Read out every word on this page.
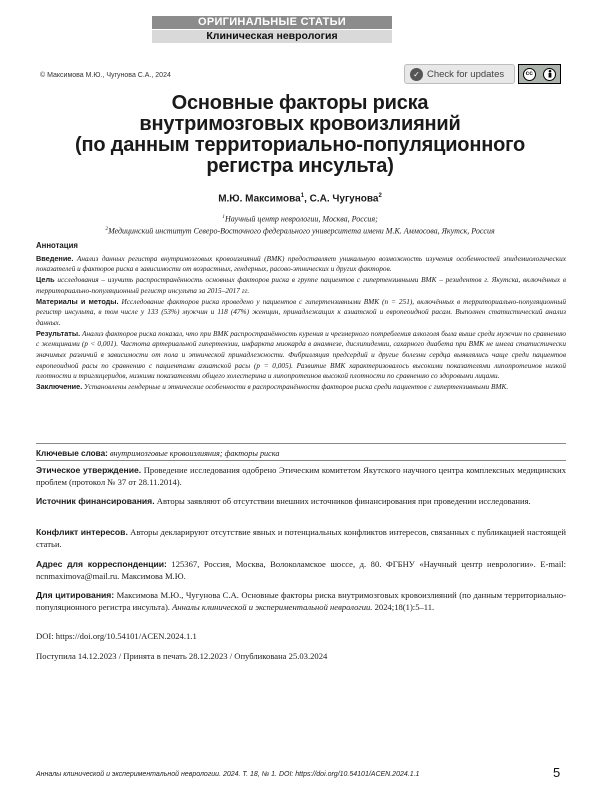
ОРИГИНАЛЬНЫЕ СТАТЬИ
Клиническая неврология
© Максимова М.Ю., Чугунова С.А., 2024	✓ Check for updates	cc
Основные факторы риска
внутримозговых кровоизлияний
(по данным территориально-популяционного
регистра инсульта)
М.Ю. Максимова$^1$, С.А. Чугунова$^2$
$^1$Научный центр неврологии, Москва, Россия;
$^2$Медицинский институт Северо-Восточного федерального университета имени М.К. Аммосова, Якутск, Россия

Аннотация

Введение. Анализ данных регистра внутримозговых кровоизлияний (ВМК) предоставляет уникальную возможность изучения особенностей эпидемиологических показателей и факторов риска в зависимости от возрастных, гендерных, расово-этнических и других факторов.

Цель исследования – изучить распространённость основных факторов риска в группе пациентов с гипертензивными ВМК – резидентов г. Якутска, включённых в территориально-популяционный регистр инсульта за 2015–2017 гг.

Материалы и методы. Исследование факторов риска проведено у пациентов с гипертензивными ВМК (n = 251), включённых в территориально-популяционный регистр инсульта, в том числе у 133 (53%) мужчин и 118 (47%) женщин, принадлежащих к азиатской и европеоидной расам. Выполнен статистический анализ данных.

Результаты. Анализ факторов риска показал, что при ВМК распространённость курения и чрезмерного потребления алкоголя была выше среди мужчин по сравнению с женщинами (p < 0,001). Частота артериальной гипертензии, инфаркта миокарда в анамнезе, дислипидемии, сахарного диабета при ВМК не имела статистически значимых различий в зависимости от пола и этнической принадлежности. Фибрилляция предсердий и другие болезни сердца выявлялись чаще среди пациентов европеоидной расы по сравнению с пациентами азиатской расы (p = 0,005). Развитие ВМК характеризовалось высокими показателями липопротеинов низкой плотности и триглицеридов, низкими показателями общего холестерина и липопротеинов высокой плотности по сравнению со здоровыми лицами.

Заключение. Установлены гендерные и этнические особенности в распространённости факторов риска среди пациентов с гипертензивными ВМК.

Ключевые слова: внутримозговые кровоизлияния; факторы риска
Этическое утверждение. Проведение исследования одобрено Этическим комитетом Якутского научного центра комплексных медицинских проблем (протокол № 37 от 28.11.2014).
Источник финансирования. Авторы заявляют об отсутствии внешних источников финансирования при проведении исследования.
Конфликт интересов. Авторы декларируют отсутствие явных и потенциальных конфликтов интересов, связанных с публикацией настоящей статьи.
Адрес для корреспонденции: 125367, Россия, Москва, Волоколамское шоссе, д. 80. ФГБНУ «Научный центр неврологии». E-mail: ncnmaximova@mail.ru. Максимова М.Ю.
Для цитирования: Максимова М.Ю., Чугунова С.А. Основные факторы риска внутримозговых кровоизлияний (по данным территориально-популяционного регистра инсульта). Анналы клинической и экспериментальной неврологии. 2024;18(1):5–11.
DOI: https://doi.org/10.54101/ACEN.2024.1.1
Поступила 14.12.2023 / Принята в печать 28.12.2023 / Опубликована 25.03.2024
Анналы клинической и экспериментальной неврологии. 2024. Т. 18, № 1. DOI: https://doi.org/10.54101/ACEN.2024.1.1	5
